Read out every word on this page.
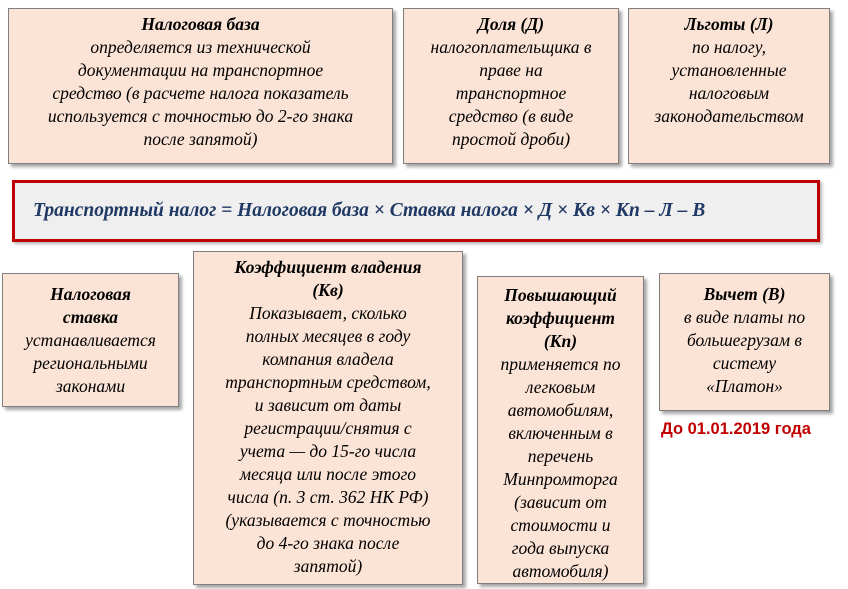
Налоговая база
определяется из технической
документации на транспортное
средство (в расчете налога показатель
используется с точностью до 2-го знака
после запятой)
Доля (Д)
налогоплательщика в
праве на
транспортное
средство (в виде
простой дроби)
Льготы (Л)
по налогу,
установленные
налоговым
законодательством
Транспортный налог = Налоговая база × Ставка налога × Д × Кв × Кп – Л – В
Налоговая
ставка
устанавливается
региональными
законами
Коэффициент владения
(Кв)
Показывает, сколько
полных месяцев в году
компания владела
транспортным средством,
и зависит от даты
регистрации/снятия с
учета — до 15-го числа
месяца или после этого
числа (п. 3 ст. 362 НК РФ)
(указывается с точностью
до 4-го знака после
запятой)
Повышающий
коэффициент
(Кп)
применяется по
легковым
автомобилям,
включенным в
перечень
Минпромторга
(зависит от
стоимости и
года выпуска
автомобиля)
Вычет (В)
в виде платы по
большегрузам в
систему
«Платон»
До 01.01.2019 года
